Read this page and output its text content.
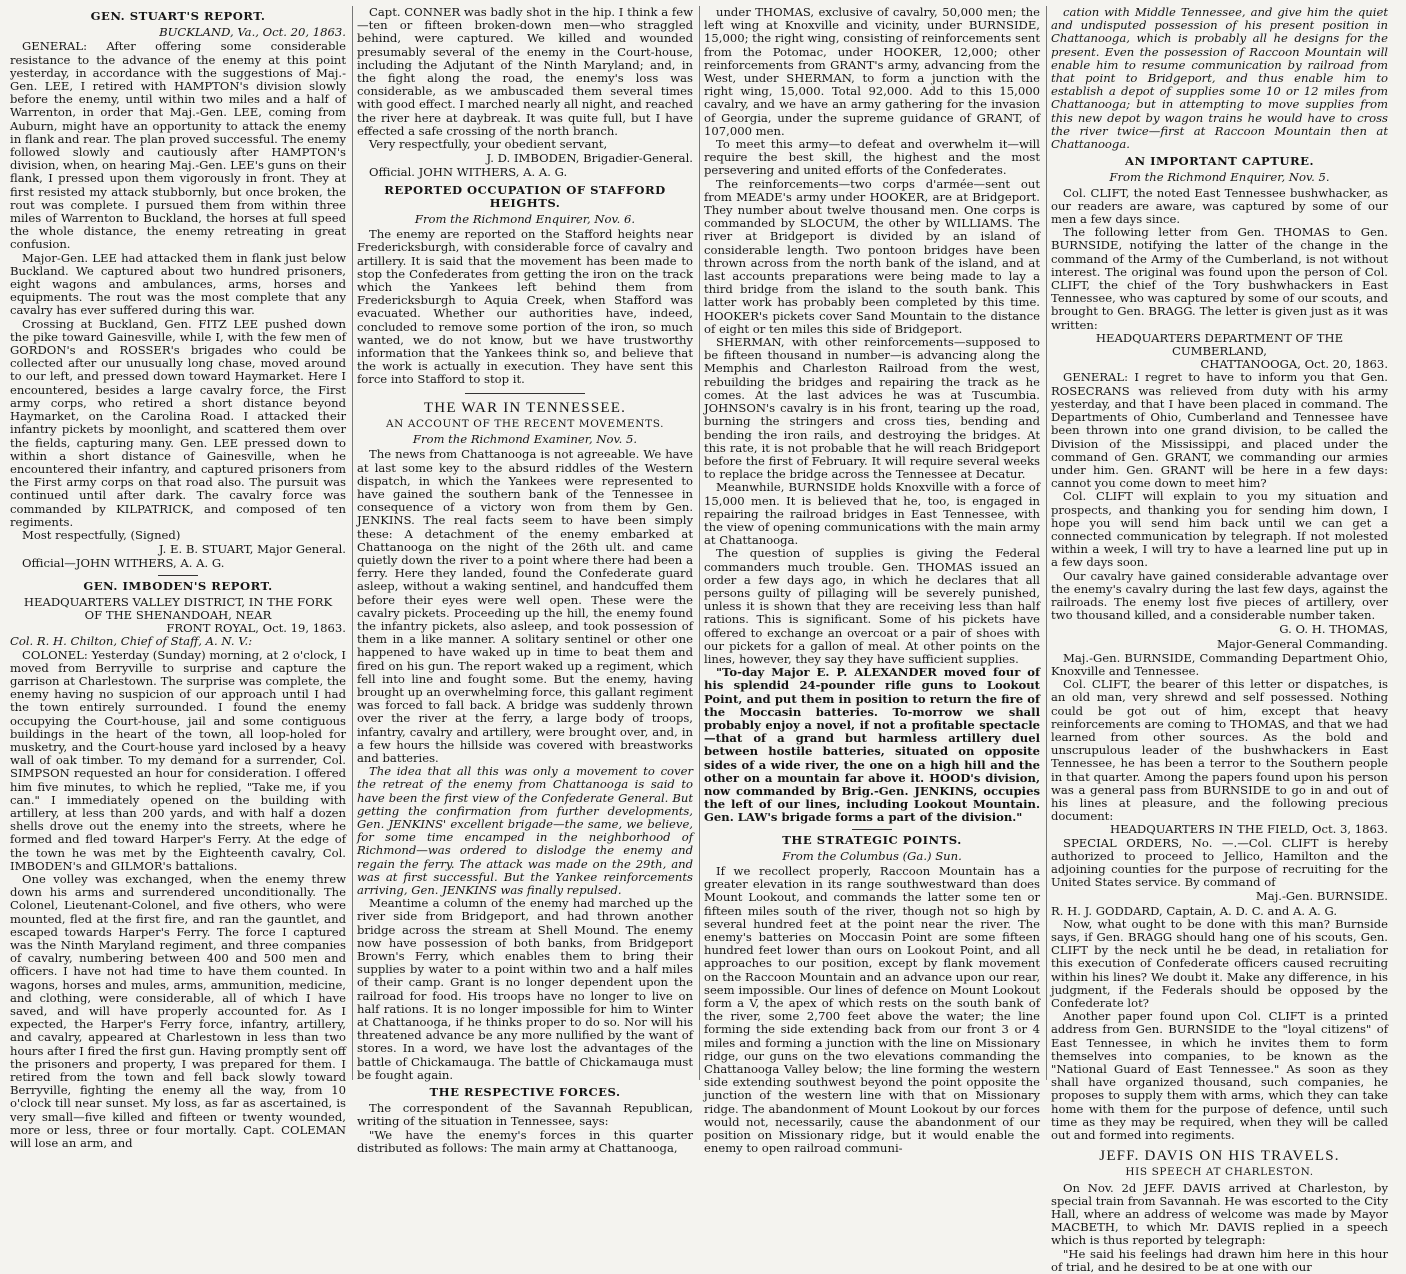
GEN. STUART'S REPORT.
BUCKLAND, Va., Oct. 20, 1863.

GENERAL: After offering some considerable resistance to the advance of the enemy at this point yesterday, in accordance with the suggestions of Maj.-Gen. LEE, I retired with HAMPTON's division slowly before the enemy, until within two miles and a half of Warrenton, in order that Maj.-Gen. LEE, coming from Auburn, might have an opportunity to attack the enemy in flank and rear. The plan proved successful. The enemy followed slowly and cautiously after HAMPTON's division, when, on hearing Maj.-Gen. LEE's guns on their flank, I pressed upon them vigorously in front. They at first resisted my attack stubbornly, but once broken, the rout was complete. I pursued them from within three miles of Warrenton to Buckland, the horses at full speed the whole distance, the enemy retreating in great confusion.

Major-Gen. LEE had attacked them in flank just below Buckland. We captured about two hundred prisoners, eight wagons and ambulances, arms, horses and equipments. The rout was the most complete that any cavalry has ever suffered during this war.

Crossing at Buckland, Gen. FITZ LEE pushed down the pike toward Gainesville, while I, with the few men of GORDON's and ROSSER's brigades who could be collected after our unusually long chase, moved around to our left, and pressed down toward Haymarket. Here I encountered, besides a large cavalry force, the First army corps, who retired a short distance beyond Haymarket, on the Carolina Road. I attacked their infantry pickets by moonlight, and scattered them over the fields, capturing many. Gen. LEE pressed down to within a short distance of Gainesville, when he encountered their infantry, and captured prisoners from the First army corps on that road also. The pursuit was continued until after dark. The cavalry force was commanded by KILPATRICK, and composed of ten regiments.

Most respectfully, (Signed)

J. E. B. STUART, Major General.

Official—JOHN WITHERS, A. A. G.

GEN. IMBODEN'S REPORT.
HEADQUARTERS VALLEY DISTRICT, IN THE FORK
OF THE SHENANDOAH, NEAR
FRONT ROYAL, Oct. 19, 1863.
Col. R. H. Chilton, Chief of Staff, A. N. V.:

COLONEL: Yesterday (Sunday) morning, at 2 o'clock, I moved from Berryville to surprise and capture the garrison at Charlestown. The surprise was complete, the enemy having no suspicion of our approach until I had the town entirely surrounded. I found the enemy occupying the Court-house, jail and some contiguous buildings in the heart of the town, all loop-holed for musketry, and the Court-house yard inclosed by a heavy wall of oak timber. To my demand for a surrender, Col. SIMPSON requested an hour for consideration. I offered him five minutes, to which he replied, "Take me, if you can." I immediately opened on the building with artillery, at less than 200 yards, and with half a dozen shells drove out the enemy into the streets, where he formed and fled toward Harper's Ferry. At the edge of the town he was met by the Eighteenth cavalry, Col. IMBODEN's and GILMOR's battalions.

One volley was exchanged, when the enemy threw down his arms and surrendered unconditionally. The Colonel, Lieutenant-Colonel, and five others, who were mounted, fled at the first fire, and ran the gauntlet, and escaped towards Harper's Ferry. The force I captured was the Ninth Maryland regiment, and three companies of cavalry, numbering between 400 and 500 men and officers. I have not had time to have them counted. In wagons, horses and mules, arms, ammunition, medicine, and clothing, were considerable, all of which I have saved, and will have properly accounted for. As I expected, the Harper's Ferry force, infantry, artillery, and cavalry, appeared at Charlestown in less than two hours after I fired the first gun. Having promptly sent off the prisoners and property, I was prepared for them. I retired from the town and fell back slowly toward Berryville, fighting the enemy all the way, from 10 o'clock till near sunset. My loss, as far as ascertained, is very small—five killed and fifteen or twenty wounded, more or less, three or four mortally. Capt. COLEMAN will lose an arm, and

Capt. CONNER was badly shot in the hip. I think a few—ten or fifteen broken-down men—who straggled behind, were captured. We killed and wounded presumably several of the enemy in the Court-house, including the Adjutant of the Ninth Maryland; and, in the fight along the road, the enemy's loss was considerable, as we ambuscaded them several times with good effect. I marched nearly all night, and reached the river here at daybreak. It was quite full, but I have effected a safe crossing of the north branch.

Very respectfully, your obedient servant,

J. D. IMBODEN, Brigadier-General.

Official. JOHN WITHERS, A. A. G.

REPORTED OCCUPATION OF STAFFORD HEIGHTS.
From the Richmond Enquirer, Nov. 6.

The enemy are reported on the Stafford heights near Fredericksburgh, with considerable force of cavalry and artillery. It is said that the movement has been made to stop the Confederates from getting the iron on the track which the Yankees left behind them from Fredericksburgh to Aquia Creek, when Stafford was evacuated. Whether our authorities have, indeed, concluded to remove some portion of the iron, so much wanted, we do not know, but we have trustworthy information that the Yankees think so, and believe that the work is actually in execution. They have sent this force into Stafford to stop it.

THE WAR IN TENNESSEE.
AN ACCOUNT OF THE RECENT MOVEMENTS.
From the Richmond Examiner, Nov. 5.

The news from Chattanooga is not agreeable. We have at last some key to the absurd riddles of the Western dispatch, in which the Yankees were represented to have gained the southern bank of the Tennessee in consequence of a victory won from them by Gen. JENKINS. The real facts seem to have been simply these: A detachment of the enemy embarked at Chattanooga on the night of the 26th ult. and came quietly down the river to a point where there had been a ferry. Here they landed, found the Confederate guard asleep, without a waking sentinel, and handcuffed them before their eyes were well open. These were the cavalry pickets. Proceeding up the hill, the enemy found the infantry pickets, also asleep, and took possession of them in a like manner. A solitary sentinel or other one happened to have waked up in time to beat them and fired on his gun. The report waked up a regiment, which fell into line and fought some. But the enemy, having brought up an overwhelming force, this gallant regiment was forced to fall back. A bridge was suddenly thrown over the river at the ferry, a large body of troops, infantry, cavalry and artillery, were brought over, and, in a few hours the hillside was covered with breastworks and batteries.

The idea that all this was only a movement to cover the retreat of the enemy from Chattanooga is said to have been the first view of the Confederate General. But getting the confirmation from further developments, Gen. JENKINS' excellent brigade—the same, we believe, for some time encamped in the neighborhood of Richmond—was ordered to dislodge the enemy and regain the ferry. The attack was made on the 29th, and was at first successful. But the Yankee reinforcements arriving, Gen. JENKINS was finally repulsed.

Meantime a column of the enemy had marched up the river side from Bridgeport, and had thrown another bridge across the stream at Shell Mound. The enemy now have possession of both banks, from Bridgeport Brown's Ferry, which enables them to bring their supplies by water to a point within two and a half miles of their camp. Grant is no longer dependent upon the railroad for food. His troops have no longer to live on half rations. It is no longer impossible for him to Winter at Chattanooga, if he thinks proper to do so. Nor will his threatened advance be any more nullified by the want of stores. In a word, we have lost the advantages of the battle of Chickamauga. The battle of Chickamauga must be fought again.

THE RESPECTIVE FORCES.

The correspondent of the Savannah Republican, writing of the situation in Tennessee, says:

"We have the enemy's forces in this quarter distributed as follows: The main army at Chattanooga,

under THOMAS, exclusive of cavalry, 50,000 men; the left wing at Knoxville and vicinity, under BURNSIDE, 15,000; the right wing, consisting of reinforcements sent from the Potomac, under HOOKER, 12,000; other reinforcements from GRANT's army, advancing from the West, under SHERMAN, to form a junction with the right wing, 15,000. Total 92,000. Add to this 15,000 cavalry, and we have an army gathering for the invasion of Georgia, under the supreme guidance of GRANT, of 107,000 men.

To meet this army—to defeat and overwhelm it—will require the best skill, the highest and the most persevering and united efforts of the Confederates.

The reinforcements—two corps d'armée—sent out from MEADE's army under HOOKER, are at Bridgeport. They number about twelve thousand men. One corps is commanded by SLOCUM, the other by WILLIAMS. The river at Bridgeport is divided by an island of considerable length. Two pontoon bridges have been thrown across from the north bank of the island, and at last accounts preparations were being made to lay a third bridge from the island to the south bank. This latter work has probably been completed by this time. HOOKER's pickets cover Sand Mountain to the distance of eight or ten miles this side of Bridgeport.

SHERMAN, with other reinforcements—supposed to be fifteen thousand in number—is advancing along the Memphis and Charleston Railroad from the west, rebuilding the bridges and repairing the track as he comes. At the last advices he was at Tuscumbia. JOHNSON's cavalry is in his front, tearing up the road, burning the stringers and cross ties, bending and bending the iron rails, and destroying the bridges. At this rate, it is not probable that he will reach Bridgeport before the first of February. It will require several weeks to replace the bridge across the Tennessee at Decatur.

Meanwhile, BURNSIDE holds Knoxville with a force of 15,000 men. It is believed that he, too, is engaged in repairing the railroad bridges in East Tennessee, with the view of opening communications with the main army at Chattanooga.

The question of supplies is giving the Federal commanders much trouble. Gen. THOMAS issued an order a few days ago, in which he declares that all persons guilty of pillaging will be severely punished, unless it is shown that they are receiving less than half rations. This is significant. Some of his pickets have offered to exchange an overcoat or a pair of shoes with our pickets for a gallon of meal. At other points on the lines, however, they say they have sufficient supplies.

"To-day Major E. P. ALEXANDER moved four of his splendid 24-pounder rifle guns to Lookout Point, and put them in position to return the fire of the Moccasin batteries. To-morrow we shall probably enjoy a novel, if not a profitable spectacle—that of a grand but harmless artillery duel between hostile batteries, situated on opposite sides of a wide river, the one on a high hill and the other on a mountain far above it. HOOD's division, now commanded by Brig.-Gen. JENKINS, occupies the left of our lines, including Lookout Mountain. Gen. LAW's brigade forms a part of the division."

THE STRATEGIC POINTS.
From the Columbus (Ga.) Sun.

If we recollect properly, Raccoon Mountain has a greater elevation in its range southwestward than does Mount Lookout, and commands the latter some ten or fifteen miles south of the river, though not so high by several hundred feet at the point near the river. The enemy's batteries on Moccasin Point are some fifteen hundred feet lower than ours on Lookout Point, and all approaches to our position, except by flank movement on the Raccoon Mountain and an advance upon our rear, seem impossible. Our lines of defence on Mount Lookout form a V, the apex of which rests on the south bank of the river, some 2,700 feet above the water; the line forming the side extending back from our front 3 or 4 miles and forming a junction with the line on Missionary ridge, our guns on the two elevations commanding the Chattanooga Valley below; the line forming the western side extending southwest beyond the point opposite the junction of the western line with that on Missionary ridge. The abandonment of Mount Lookout by our forces would not, necessarily, cause the abandonment of our position on Missionary ridge, but it would enable the enemy to open railroad communi-

cation with Middle Tennessee, and give him the quiet and undisputed possession of his present position in Chattanooga, which is probably all he designs for the present. Even the possession of Raccoon Mountain will enable him to resume communication by railroad from that point to Bridgeport, and thus enable him to establish a depot of supplies some 10 or 12 miles from Chattanooga; but in attempting to move supplies from this new depot by wagon trains he would have to cross the river twice—first at Raccoon Mountain then at Chattanooga.

AN IMPORTANT CAPTURE.
From the Richmond Enquirer, Nov. 5.

Col. CLIFT, the noted East Tennessee bushwhacker, as our readers are aware, was captured by some of our men a few days since.

The following letter from Gen. THOMAS to Gen. BURNSIDE, notifying the latter of the change in the command of the Army of the Cumberland, is not without interest. The original was found upon the person of Col. CLIFT, the chief of the Tory bushwhackers in East Tennessee, who was captured by some of our scouts, and brought to Gen. BRAGG. The letter is given just as it was written:

HEADQUARTERS DEPARTMENT OF THE CUMBERLAND,
CHATTANOOGA, Oct. 20, 1863.

GENERAL: I regret to have to inform you that Gen. ROSECRANS was relieved from duty with his army yesterday, and that I have been placed in command. The Departments of Ohio, Cumberland and Tennessee have been thrown into one grand division, to be called the Division of the Mississippi, and placed under the command of Gen. GRANT, we commanding our armies under him. Gen. GRANT will be here in a few days: cannot you come down to meet him?

Col. CLIFT will explain to you my situation and prospects, and thanking you for sending him down, I hope you will send him back until we can get a connected communication by telegraph. If not molested within a week, I will try to have a learned line put up in a few days soon.

Our cavalry have gained considerable advantage over the enemy's cavalry during the last few days, against the railroads. The enemy lost five pieces of artillery, over two thousand killed, and a considerable number taken.

G. O. H. THOMAS,
Major-General Commanding.

Maj.-Gen. BURNSIDE, Commanding Department Ohio, Knoxville and Tennessee.

Col. CLIFT, the bearer of this letter or dispatches, is an old man, very shrewd and self possessed. Nothing could be got out of him, except that heavy reinforcements are coming to THOMAS, and that we had learned from other sources. As the bold and unscrupulous leader of the bushwhackers in East Tennessee, he has been a terror to the Southern people in that quarter. Among the papers found upon his person was a general pass from BURNSIDE to go in and out of his lines at pleasure, and the following precious document:

HEADQUARTERS IN THE FIELD, Oct. 3, 1863.

SPECIAL ORDERS, No. —.—Col. CLIFT is hereby authorized to proceed to Jellico, Hamilton and the adjoining counties for the purpose of recruiting for the United States service. By command of

Maj.-Gen. BURNSIDE.
R. H. J. GODDARD, Captain, A. D. C. and A. A. G.

Now, what ought to be done with this man? Burnside says, if Gen. BRAGG should hang one of his scouts, Gen. CLIFT by the neck until he be dead, in retaliation for this execution of Confederate officers caused recruiting within his lines? We doubt it. Make any difference, in his judgment, if the Federals should be opposed by the Confederate lot?

Another paper found upon Col. CLIFT is a printed address from Gen. BURNSIDE to the "loyal citizens" of East Tennessee, in which he invites them to form themselves into companies, to be known as the "National Guard of East Tennessee." As soon as they shall have organized thousand, such companies, he proposes to supply them with arms, which they can take home with them for the purpose of defence, until such time as they may be required, when they will be called out and formed into regiments.

JEFF. DAVIS ON HIS TRAVELS.
HIS SPEECH AT CHARLESTON.

On Nov. 2d JEFF. DAVIS arrived at Charleston, by special train from Savannah. He was escorted to the City Hall, where an address of welcome was made by Mayor MACBETH, to which Mr. DAVIS replied in a speech which is thus reported by telegraph:

"He said his feelings had drawn him here in this hour of trial, and he desired to be at one with our
